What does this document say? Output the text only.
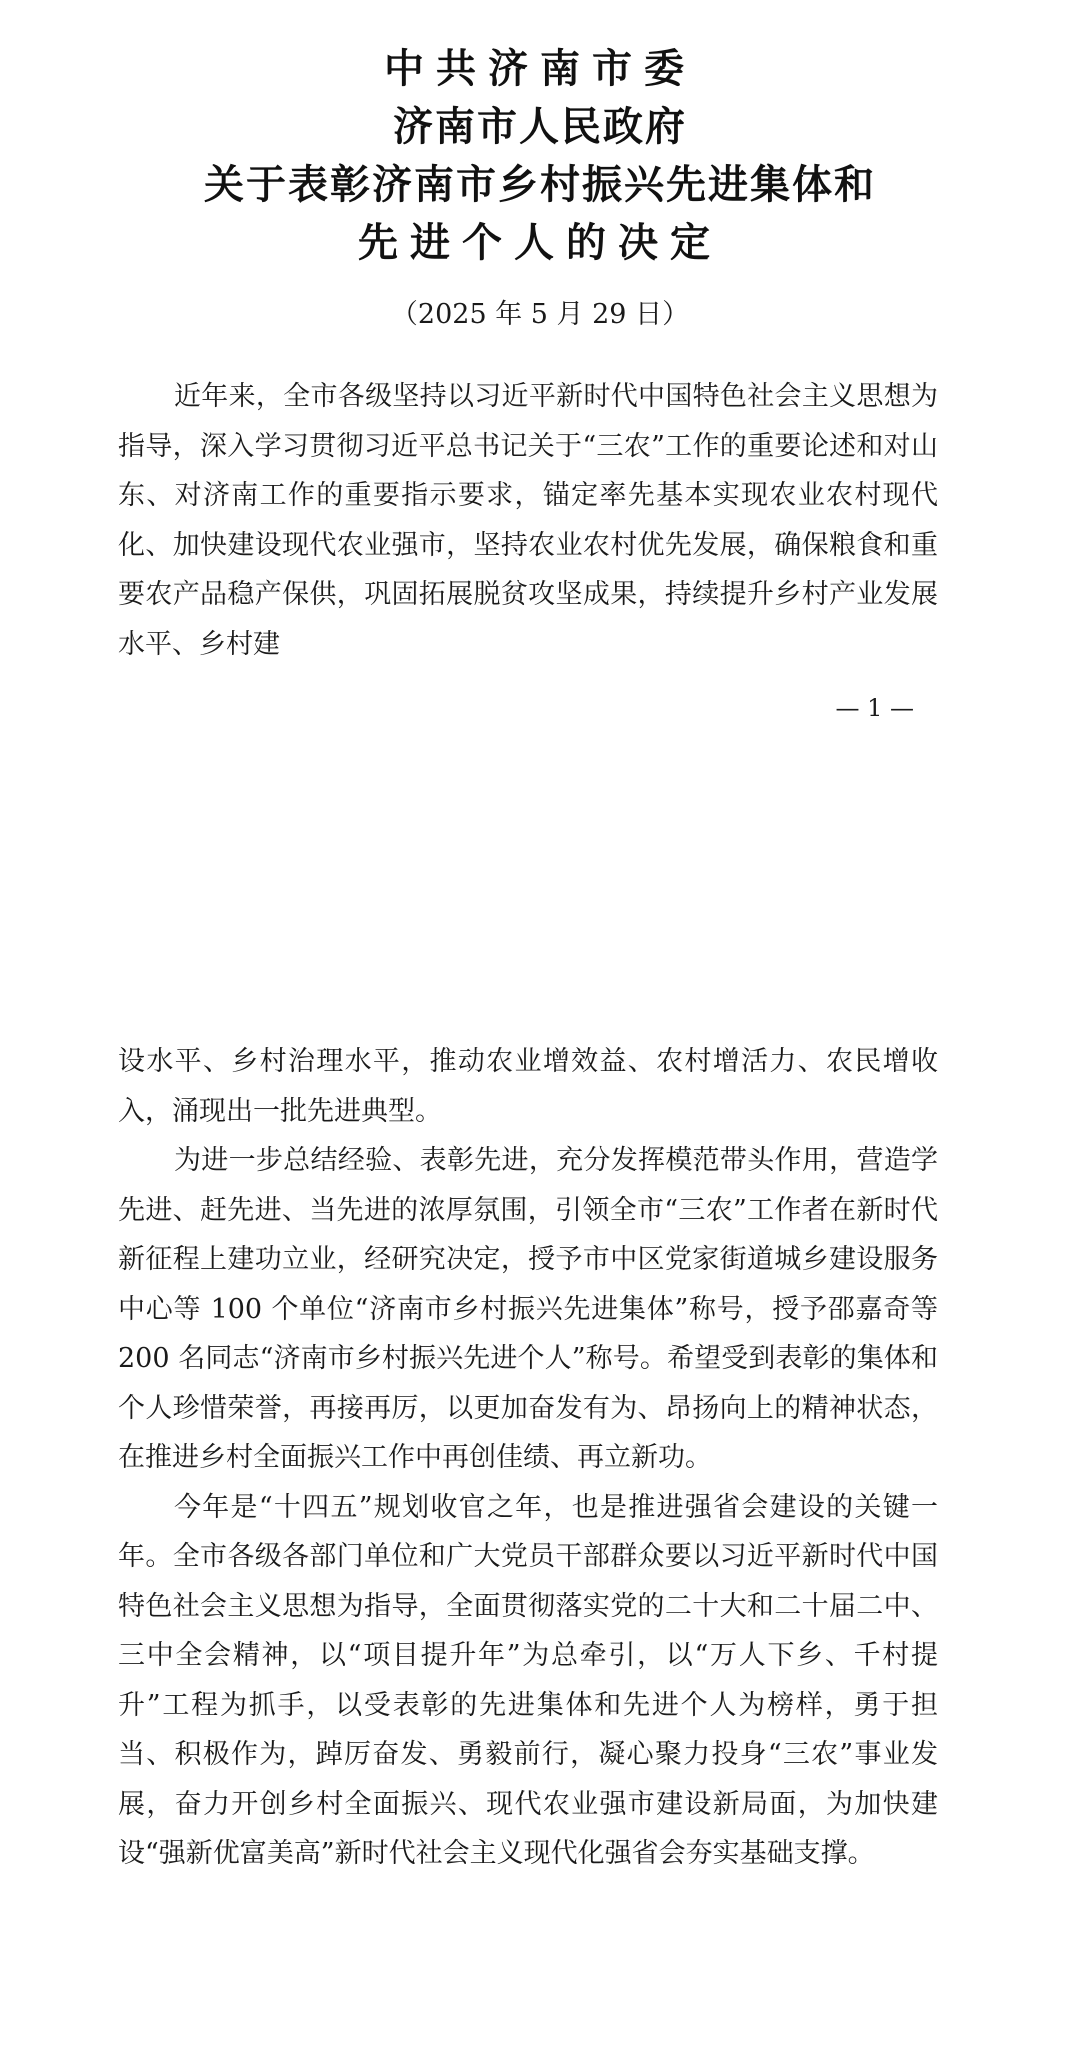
中共济南市委
济南市人民政府
关于表彰济南市乡村振兴先进集体和
先进个人的决定
（2025 年 5 月 29 日）

近年来，全市各级坚持以习近平新时代中国特色社会主义思想为指导，深入学习贯彻习近平总书记关于“三农”工作的重要论述和对山东、对济南工作的重要指示要求，锚定率先基本实现农业农村现代化、加快建设现代农业强市，坚持农业农村优先发展，确保粮食和重要农产品稳产保供，巩固拓展脱贫攻坚成果，持续提升乡村产业发展水平、乡村建

— 1 —

设水平、乡村治理水平，推动农业增效益、农村增活力、农民增收入，涌现出一批先进典型。

为进一步总结经验、表彰先进，充分发挥模范带头作用，营造学先进、赶先进、当先进的浓厚氛围，引领全市“三农”工作者在新时代新征程上建功立业，经研究决定，授予市中区党家街道城乡建设服务中心等 100 个单位“济南市乡村振兴先进集体”称号，授予邵嘉奇等 200 名同志“济南市乡村振兴先进个人”称号。希望受到表彰的集体和个人珍惜荣誉，再接再厉，以更加奋发有为、昂扬向上的精神状态，在推进乡村全面振兴工作中再创佳绩、再立新功。

今年是“十四五”规划收官之年，也是推进强省会建设的关键一年。全市各级各部门单位和广大党员干部群众要以习近平新时代中国特色社会主义思想为指导，全面贯彻落实党的二十大和二十届二中、三中全会精神，以“项目提升年”为总牵引，以“万人下乡、千村提升”工程为抓手，以受表彰的先进集体和先进个人为榜样，勇于担当、积极作为，踔厉奋发、勇毅前行，凝心聚力投身“三农”事业发展，奋力开创乡村全面振兴、现代农业强市建设新局面，为加快建设“强新优富美高”新时代社会主义现代化强省会夯实基础支撑。
